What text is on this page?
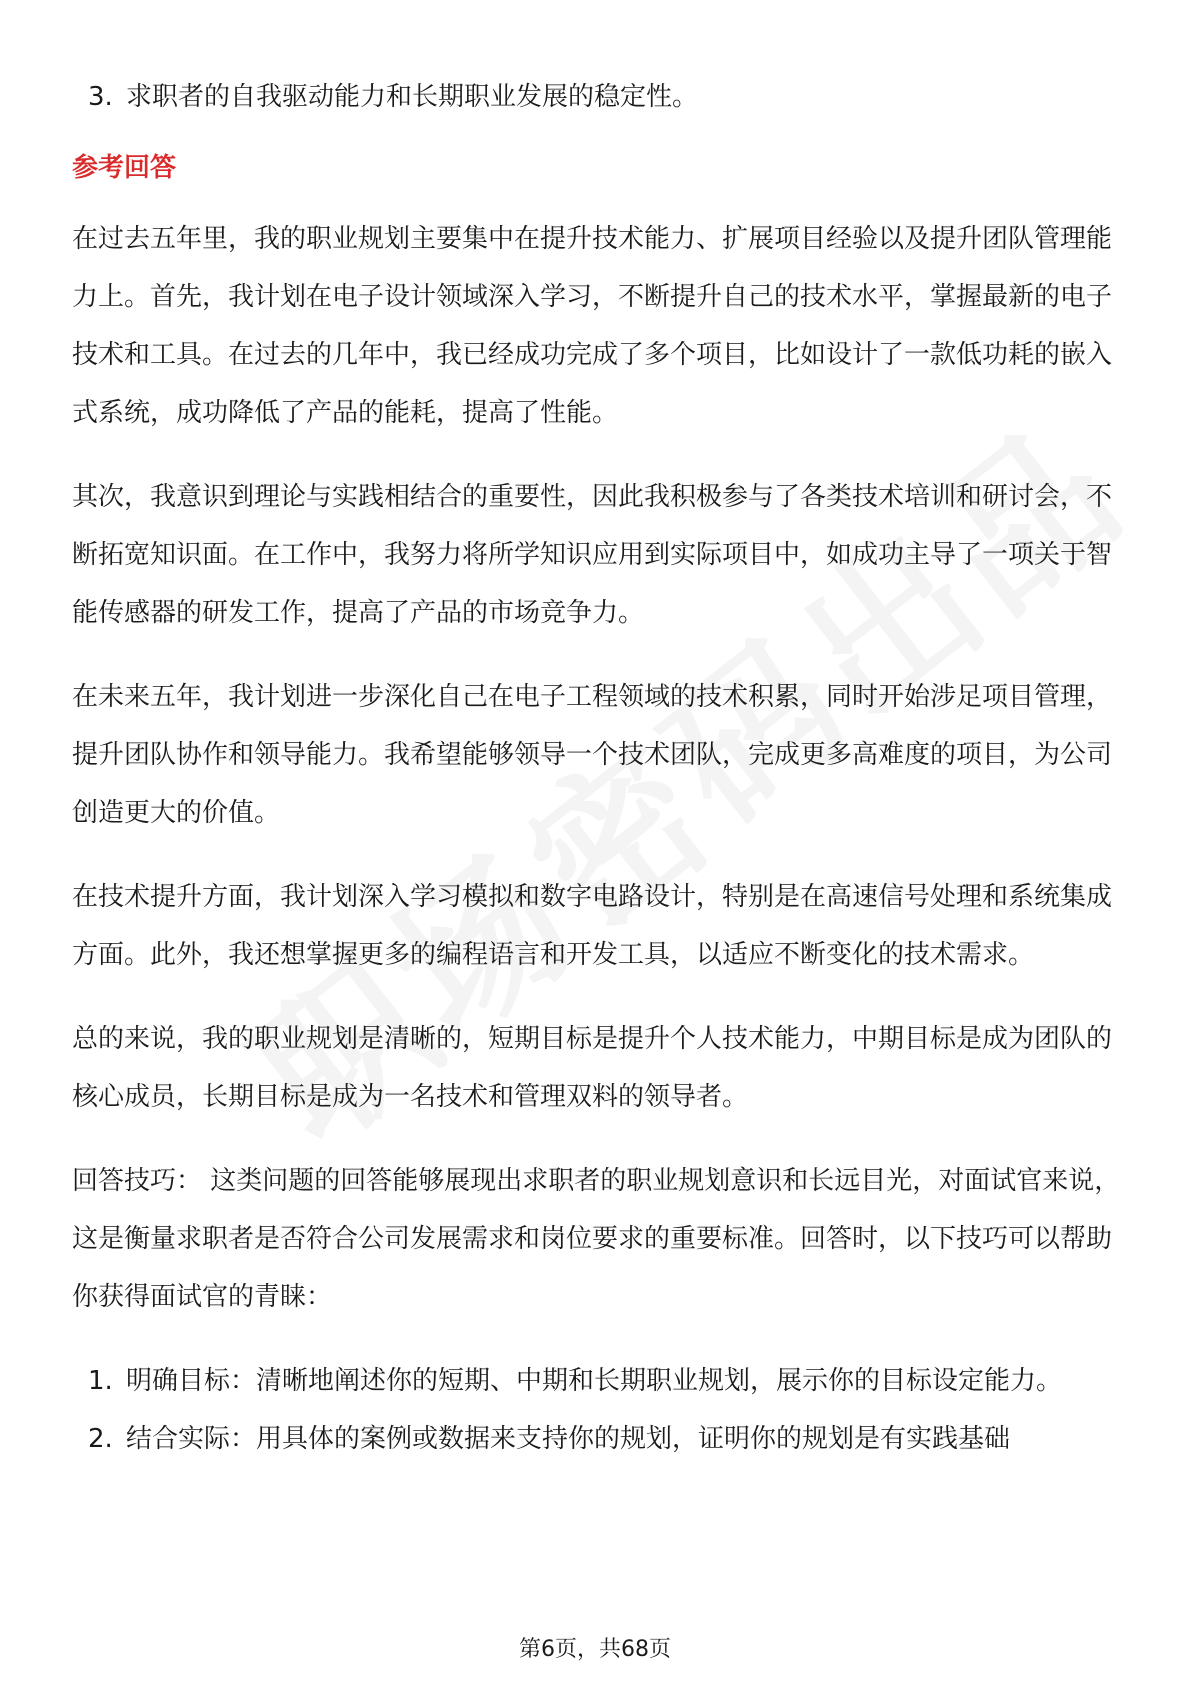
3. 求职者的自我驱动能力和长期职业发展的稳定性。
参考回答

在过去五年里，我的职业规划主要集中在提升技术能力、扩展项目经验以及提升团队管理能力上。首先，我计划在电子设计领域深入学习，不断提升自己的技术水平，掌握最新的电子技术和工具。在过去的几年中，我已经成功完成了多个项目，比如设计了一款低功耗的嵌入式系统，成功降低了产品的能耗，提高了性能。

其次，我意识到理论与实践相结合的重要性，因此我积极参与了各类技术培训和研讨会，不断拓宽知识面。在工作中，我努力将所学知识应用到实际项目中，如成功主导了一项关于智能传感器的研发工作，提高了产品的市场竞争力。

在未来五年，我计划进一步深化自己在电子工程领域的技术积累，同时开始涉足项目管理，提升团队协作和领导能力。我希望能够领导一个技术团队，完成更多高难度的项目，为公司创造更大的价值。

在技术提升方面，我计划深入学习模拟和数字电路设计，特别是在高速信号处理和系统集成方面。此外，我还想掌握更多的编程语言和开发工具，以适应不断变化的技术需求。

总的来说，我的职业规划是清晰的，短期目标是提升个人技术能力，中期目标是成为团队的核心成员，长期目标是成为一名技术和管理双料的领导者。

回答技巧： 这类问题的回答能够展现出求职者的职业规划意识和长远目光，对面试官来说，这是衡量求职者是否符合公司发展需求和岗位要求的重要标准。回答时，以下技巧可以帮助你获得面试官的青睐：

1. 明确目标：清晰地阐述你的短期、中期和长期职业规划，展示你的目标设定能力。
2. 结合实际：用具体的案例或数据来支持你的规划，证明你的规划是有实践基础
第6页，共68页
